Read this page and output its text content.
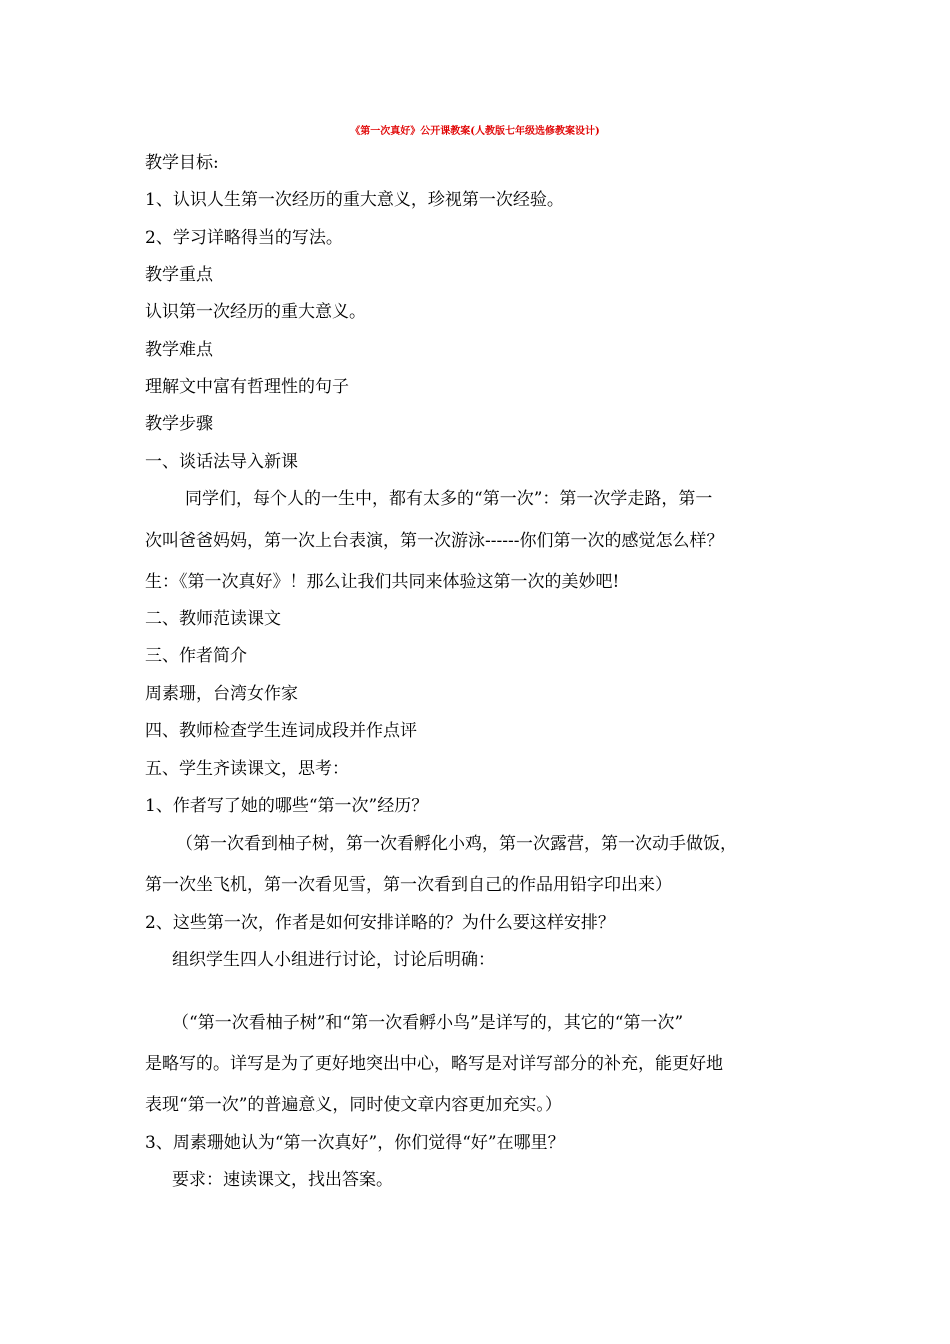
《第一次真好》公开课教案(人教版七年级选修教案设计)
教学目标:
1、认识人生第一次经历的重大意义，珍视第一次经验。
2、学习详略得当的写法。
教学重点
认识第一次经历的重大意义。
教学难点
理解文中富有哲理性的句子
教学步骤
一、谈话法导入新课
同学们，每个人的一生中，都有太多的“第一次”：第一次学走路，第一
次叫爸爸妈妈，第一次上台表演，第一次游泳------你们第一次的感觉怎么样？
生：《第一次真好》！那么让我们共同来体验这第一次的美妙吧!
二、教师范读课文
三、作者简介
周素珊，台湾女作家
四、教师检查学生连词成段并作点评
五、学生齐读课文，思考：
1、作者写了她的哪些“第一次”经历？
（第一次看到柚子树，第一次看孵化小鸡，第一次露营，第一次动手做饭，
第一次坐飞机，第一次看见雪，第一次看到自己的作品用铅字印出来）
2、这些第一次，作者是如何安排详略的？为什么要这样安排？
组织学生四人小组进行讨论，讨论后明确：
（“第一次看柚子树”和“第一次看孵小鸟”是详写的，其它的“第一次”
是略写的。详写是为了更好地突出中心，略写是对详写部分的补充，能更好地
表现“第一次”的普遍意义，同时使文章内容更加充实。）
3、周素珊她认为“第一次真好”，你们觉得“好”在哪里？
要求：速读课文，找出答案。
